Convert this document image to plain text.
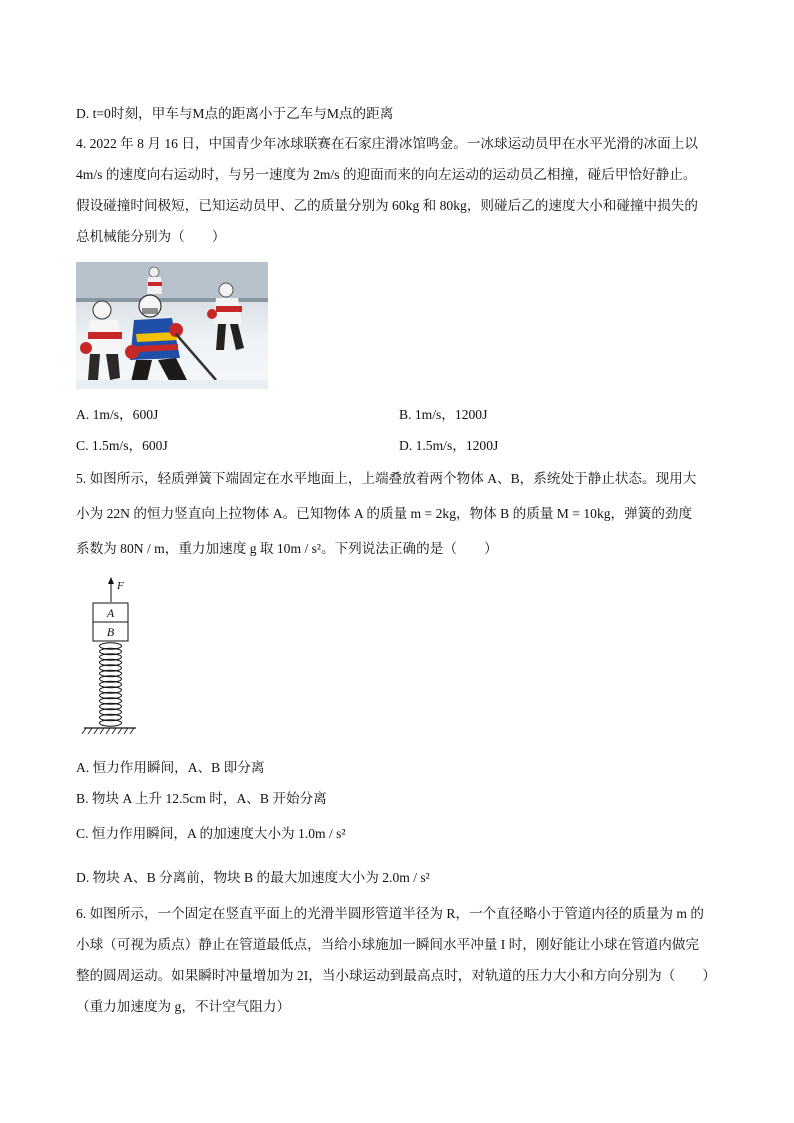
D. t=0时刻，甲车与M点的距离小于乙车与M点的距离
4. 2022 年 8 月 16 日，中国青少年冰球联赛在石家庄滑冰馆鸣金。一冰球运动员甲在水平光滑的冰面上以
4m/s 的速度向右运动时，与另一速度为 2m/s 的迎面而来的向左运动的运动员乙相撞，碰后甲恰好静止。
假设碰撞时间极短，已知运动员甲、乙的质量分别为 60kg 和 80kg，则碰后乙的速度大小和碰撞中损失的
总机械能分别为（　　）
A. 1m/s，600J	B. 1m/s，1200J
C. 1.5m/s，600J	D. 1.5m/s，1200J
5. 如图所示，轻质弹簧下端固定在水平地面上，上端叠放着两个物体 A、B，系统处于静止状态。现用大
小为 22N 的恒力竖直向上拉物体 A。已知物体 A 的质量 m = 2kg，物体 B 的质量 M = 10kg，弹簧的劲度
系数为 80N / m，重力加速度 g 取 10m / s²。下列说法正确的是（　　）
F
A
B
A. 恒力作用瞬间，A、B 即分离
B. 物块 A 上升 12.5cm 时，A、B 开始分离
C. 恒力作用瞬间，A 的加速度大小为 1.0m / s²
D. 物块 A、B 分离前，物块 B 的最大加速度大小为 2.0m / s²
6. 如图所示，一个固定在竖直平面上的光滑半圆形管道半径为 R，一个直径略小于管道内径的质量为 m 的
小球（可视为质点）静止在管道最低点，当给小球施加一瞬间水平冲量 I 时，刚好能让小球在管道内做完
整的圆周运动。如果瞬时冲量增加为 2I，当小球运动到最高点时，对轨道的压力大小和方向分别为（　　）
（重力加速度为 g，不计空气阻力）
